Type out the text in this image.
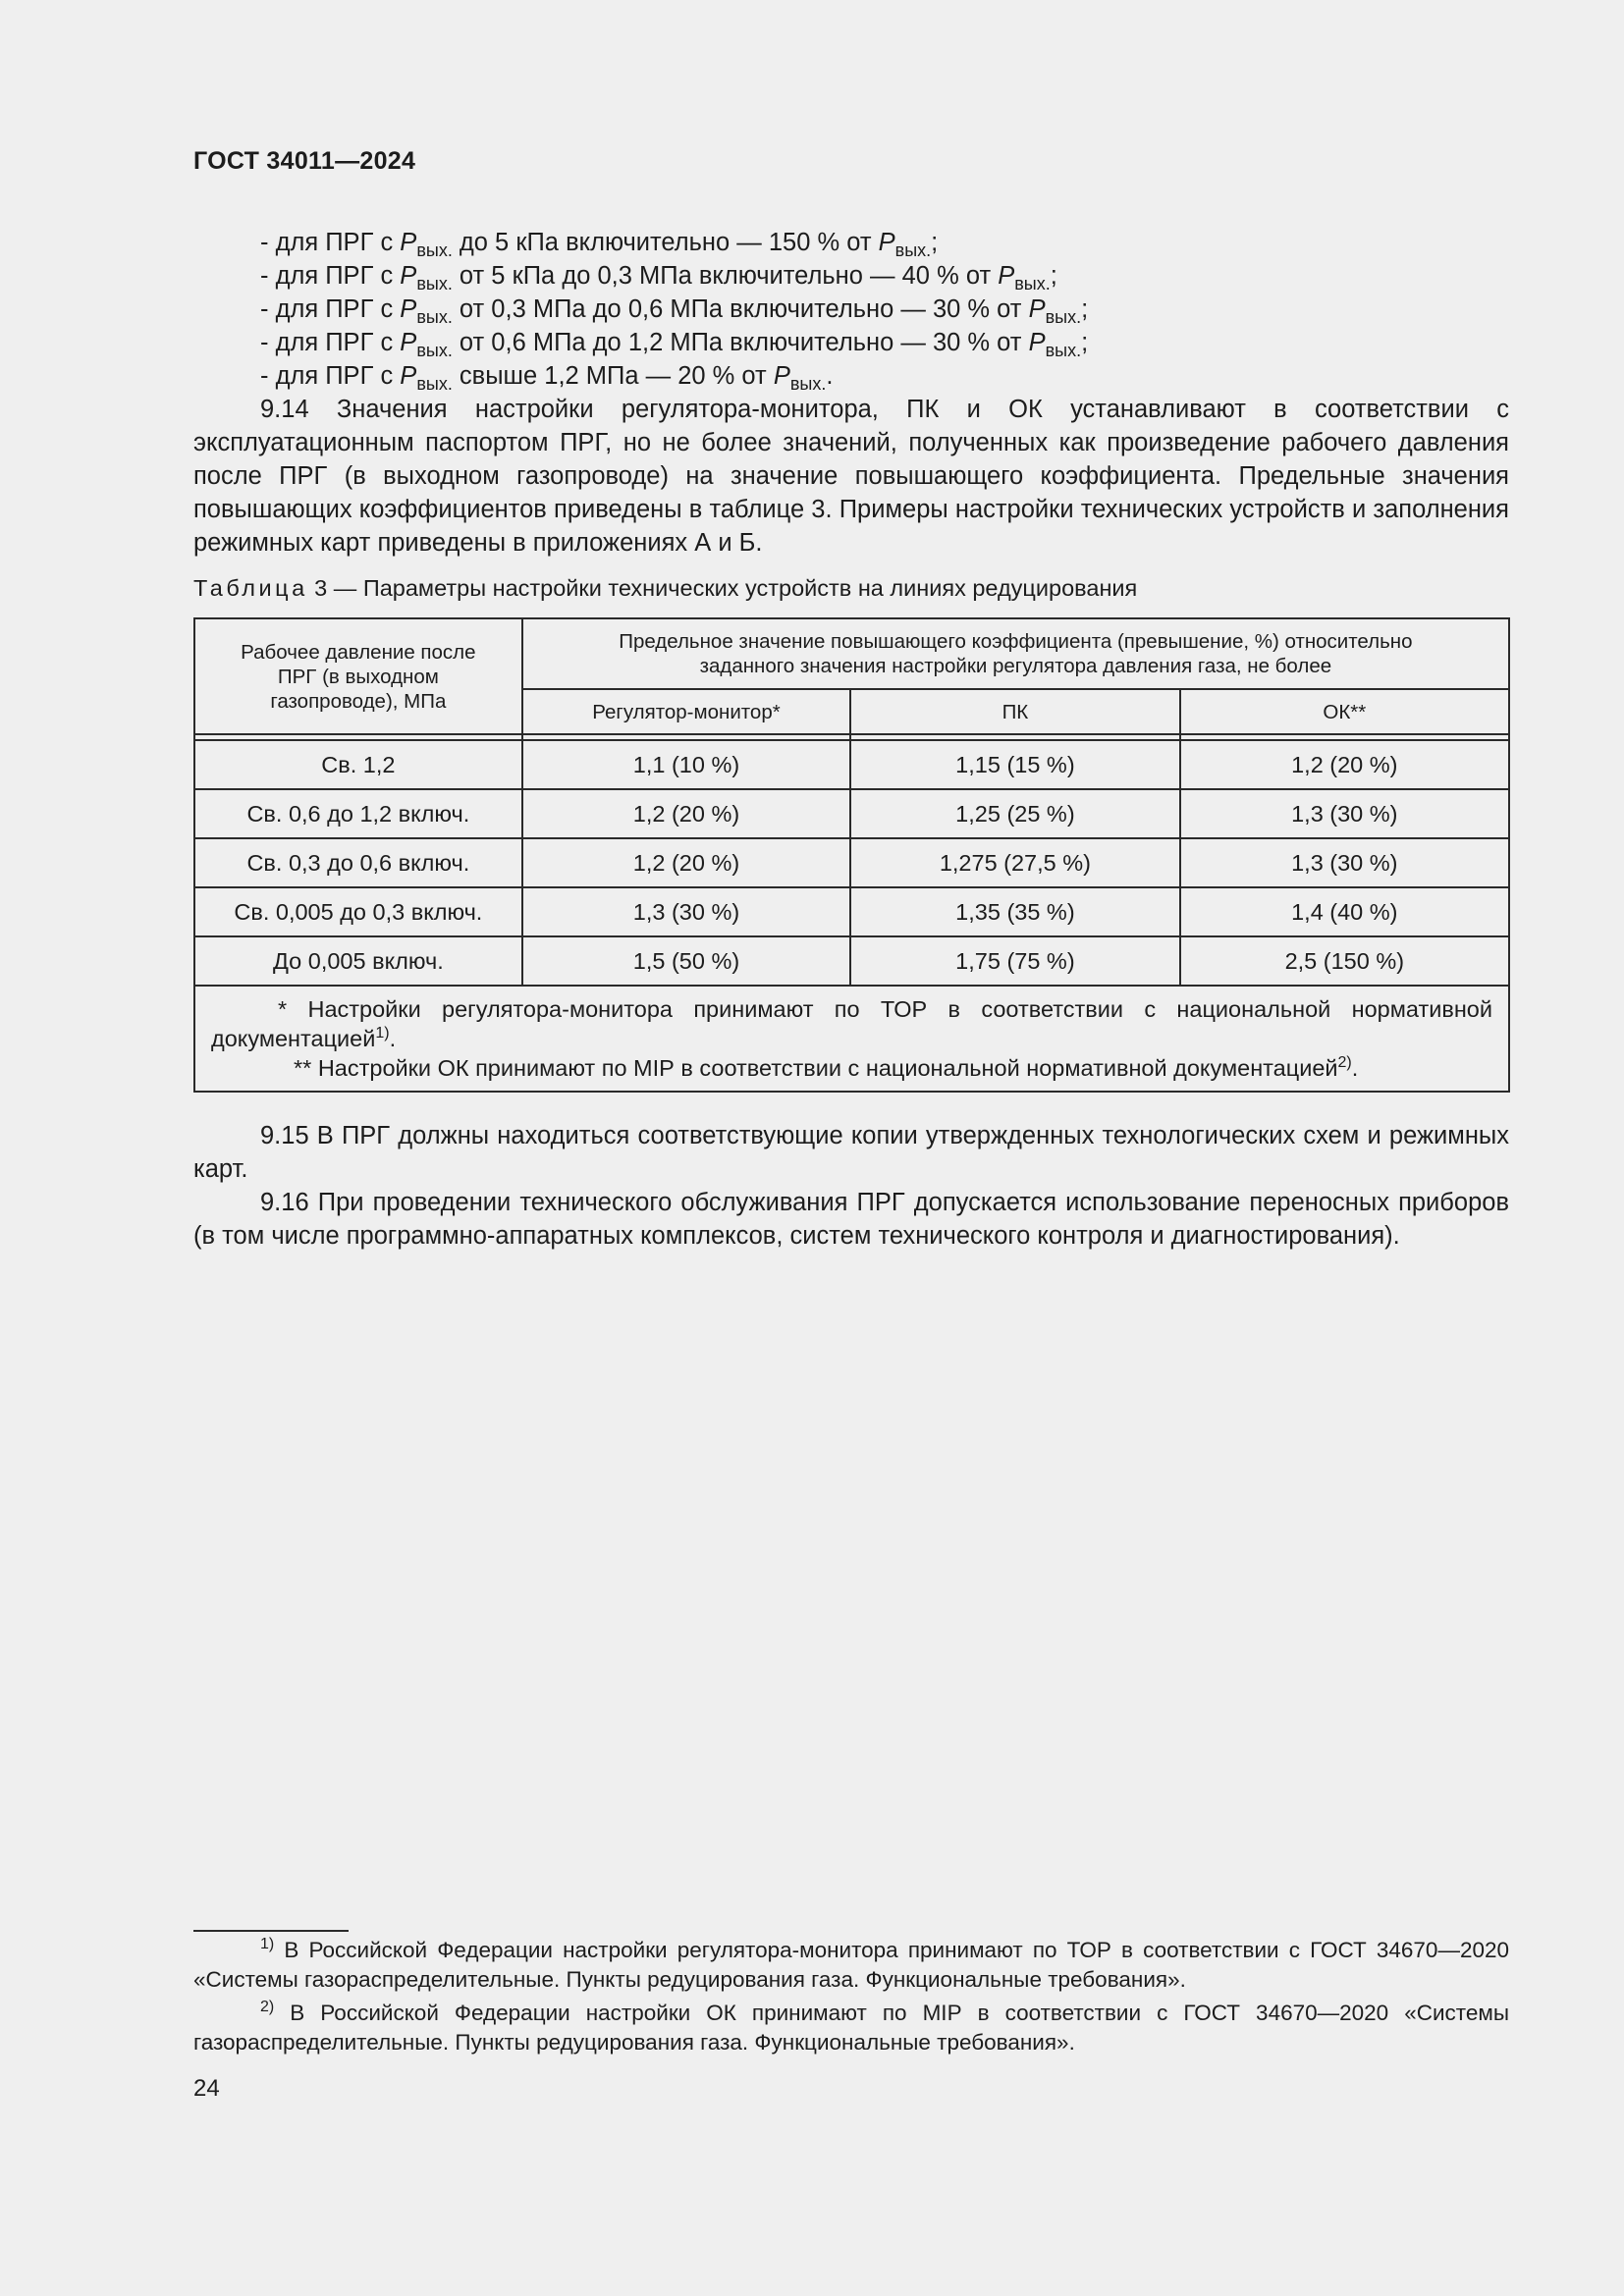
ГОСТ 34011—2024
- для ПРГ с $P_{вых.}$ до 5 кПа включительно — 150 % от $P_{вых.}$;
- для ПРГ с $P_{вых.}$ от 5 кПа до 0,3 МПа включительно — 40 % от $P_{вых.}$;
- для ПРГ с $P_{вых.}$ от 0,3 МПа до 0,6 МПа включительно — 30 % от $P_{вых.}$;
- для ПРГ с $P_{вых.}$ от 0,6 МПа до 1,2 МПа включительно — 30 % от $P_{вых.}$;
- для ПРГ с $P_{вых.}$ свыше 1,2 МПа — 20 % от $P_{вых.}$.

9.14 Значения настройки регулятора-монитора, ПК и ОК устанавливают в соответствии с эксплуатационным паспортом ПРГ, но не более значений, полученных как произведение рабочего давления после ПРГ (в выходном газопроводе) на значение повышающего коэффициента. Предельные значения повышающих коэффициентов приведены в таблице 3. Примеры настройки технических устройств и заполнения режимных карт приведены в приложениях А и Б.

Таблица 3 — Параметры настройки технических устройств на линиях редуцирования
Рабочее давление после ПРГ (в выходном газопроводе), МПа	Предельное значение повышающего коэффициента (превышение, %) относительно заданного значения настройки регулятора давления газа, не более		
	Регулятор-монитор*	ПК	ОК**

Св. 1,2	1,1 (10 %)	1,15 (15 %)	1,2 (20 %)
Св. 0,6 до 1,2 включ.	1,2 (20 %)	1,25 (25 %)	1,3 (30 %)
Св. 0,3 до 0,6 включ.	1,2 (20 %)	1,275 (27,5 %)	1,3 (30 %)
Св. 0,005 до 0,3 включ.	1,3 (30 %)	1,35 (35 %)	1,4 (40 %)
До 0,005 включ.	1,5 (50 %)	1,75 (75 %)	2,5 (150 %)

* Настройки регулятора-монитора принимают по ТОР в соответствии с национальной нормативной документацией$^{1)}$.

** Настройки ОК принимают по МIР в соответствии с национальной нормативной документацией$^{2)}$.			

9.15 В ПРГ должны находиться соответствующие копии утвержденных технологических схем и режимных карт.

9.16 При проведении технического обслуживания ПРГ допускается использование переносных приборов (в том числе программно-аппаратных комплексов, систем технического контроля и диагностирования).

$^{1)}$ В Российской Федерации настройки регулятора-монитора принимают по ТОР в соответствии с ГОСТ 34670—2020 «Системы газораспределительные. Пункты редуцирования газа. Функциональные требования».

$^{2)}$ В Российской Федерации настройки ОК принимают по МIР в соответствии с ГОСТ 34670—2020 «Системы газораспределительные. Пункты редуцирования газа. Функциональные требования».

24
